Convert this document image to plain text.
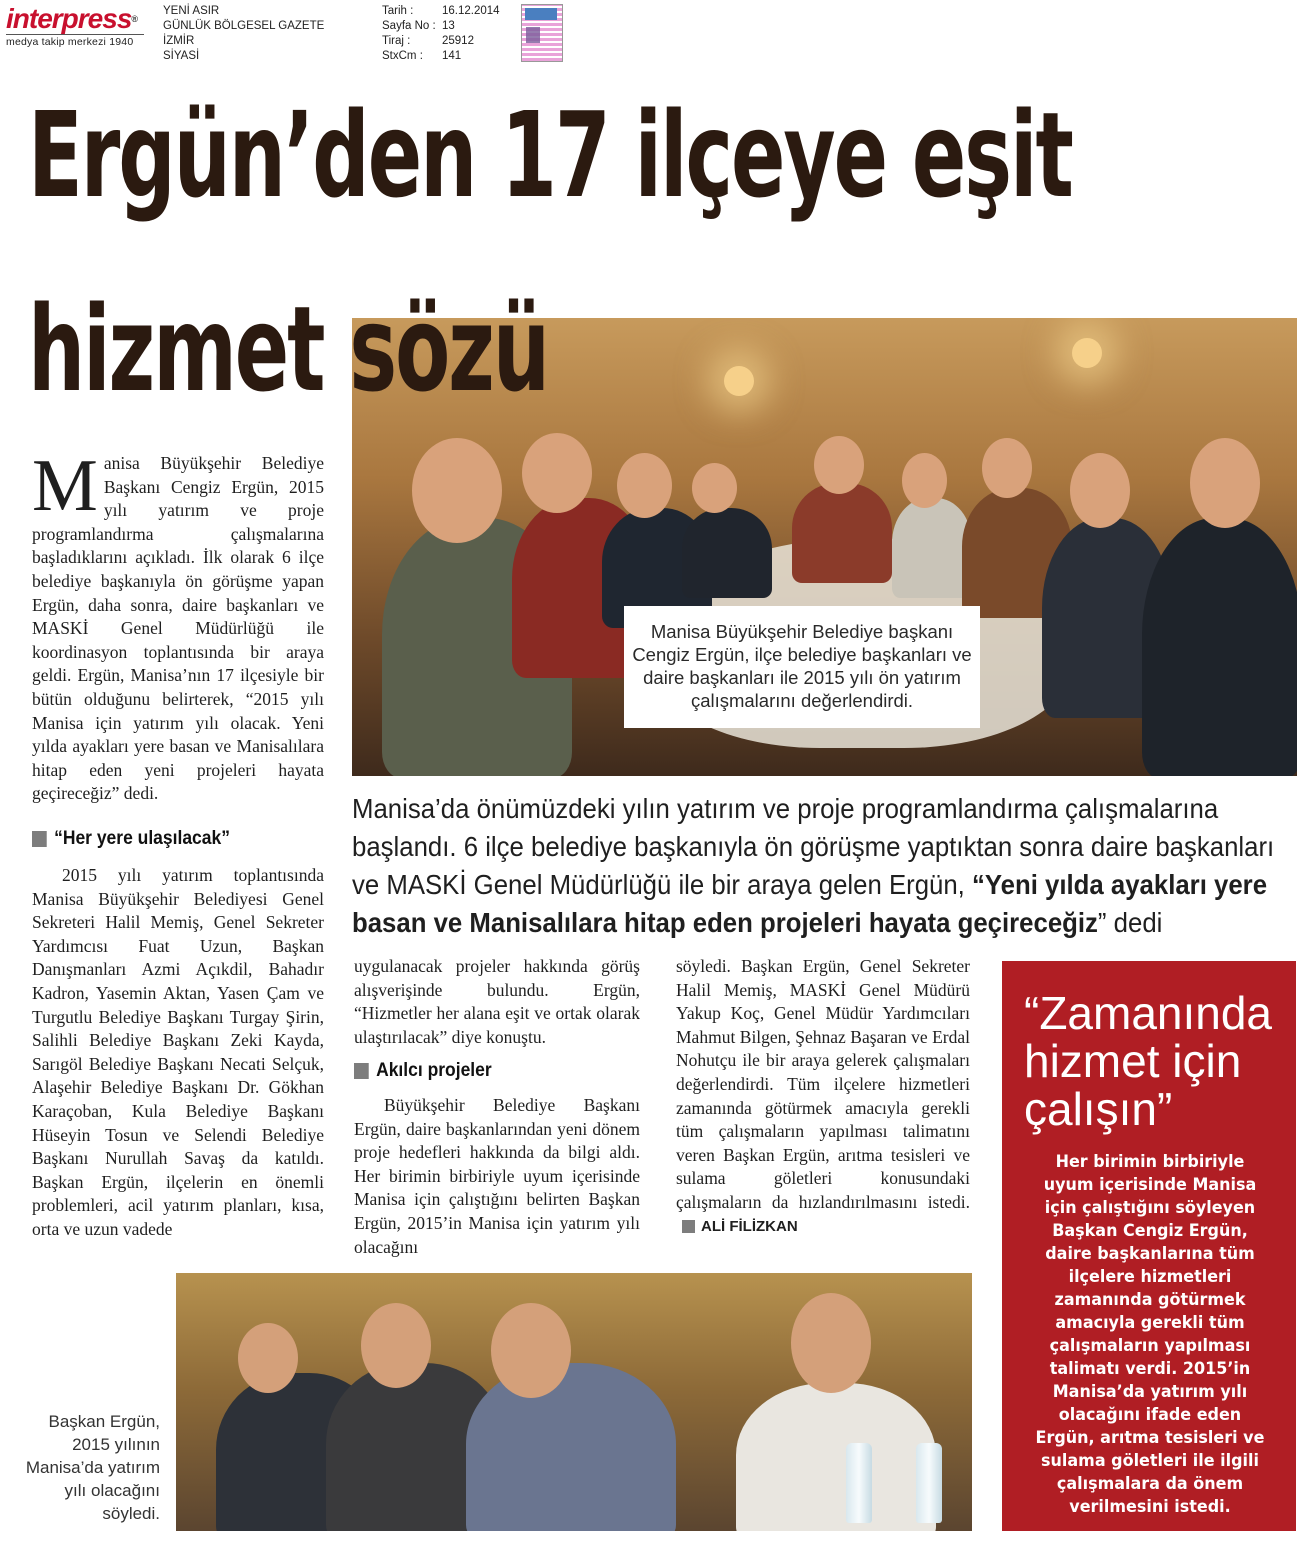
interpress®
medya takip merkezi 1940
YENİ ASIR
GÜNLÜK BÖLGESEL GAZETE
İZMİR
SİYASİ
Tarih :	16.12.2014
Sayfa No : 13
Tiraj :	25912
StxCm :	141
Ergün’den 17 ilçeye eşit
Manisa Büyükşehir Belediye başkanı Cengiz Ergün, ilçe belediye başkanları ve daire başkanları ile 2015 yılı ön yatırım çalışmalarını değerlendirdi.
hizmet sözü
Manisa’da önümüzdeki yılın yatırım ve proje programlandırma çalışmalarına başlandı. 6 ilçe belediye başkanıyla ön görüşme yaptıktan sonra daire başkanları ve MASKİ Genel Müdürlüğü ile bir araya gelen Ergün, “Yeni yılda ayakları yere basan ve Manisalılara hitap eden projeleri hayata geçireceğiz” dedi
M anisa Büyükşehir Belediye Başkanı Cengiz Ergün, 2015 yılı yatırım ve proje programlandırma çalışmalarına başladıklarını açıkladı. İlk olarak 6 ilçe belediye başkanıyla ön görüşme yapan Ergün, daha sonra, daire başkanları ve MASKİ Genel Müdürlüğü ile koordinasyon toplantısında bir araya geldi. Ergün, Manisa’nın 17 ilçesiyle bir bütün olduğunu belirterek, “2015 yılı Manisa için yatırım yılı olacak. Yeni yılda ayakları yere basan ve Manisalılara hitap eden yeni projeleri hayata geçireceğiz” dedi.

“Her yere ulaşılacak”

2015 yılı yatırım toplantısında Manisa Büyükşehir Belediyesi Genel Sekreteri Halil Memiş, Genel Sekreter Yardımcısı Fuat Uzun, Başkan Danışmanları Azmi Açıkdil, Bahadır Kadron, Yasemin Aktan, Yasen Çam ve Turgutlu Belediye Başkanı Turgay Şirin, Salihli Belediye Başkanı Zeki Kayda, Sarıgöl Belediye Başkanı Necati Selçuk, Alaşehir Belediye Başkanı Dr. Gökhan Karaçoban, Kula Belediye Başkanı Hüseyin Tosun ve Selendi Belediye Başkanı Nurullah Savaş da katıldı. Başkan Ergün, ilçelerin en önemli problemleri, acil yatırım planları, kısa, orta ve uzun vadede

uygulanacak projeler hakkında görüş alışverişinde bulundu. Ergün, “Hizmetler her alana eşit ve ortak olarak ulaştırılacak” diye konuştu.

Akılcı projeler

Büyükşehir Belediye Başkanı Ergün, daire başkanlarından yeni dönem proje hedefleri hakkında da bilgi aldı. Her birimin birbiriyle uyum içerisinde Manisa için çalıştığını belirten Başkan Ergün, 2015’in Manisa için yatırım yılı olacağını

söyledi. Başkan Ergün, Genel Sekreter Halil Memiş, MASKİ Genel Müdürü Yakup Koç, Genel Müdür Yardımcıları Mahmut Bilgen, Şehnaz Başaran ve Erdal Nohutçu ile bir araya gelerek çalışmaları değerlendirdi. Tüm ilçelere hizmetleri zamanında götürmek amacıyla gerekli tüm çalışmaların yapılması talimatını veren Başkan Ergün, arıtma tesisleri ve sulama göletleri konusundaki çalışmaların da hızlandırılmasını istedi.
ALİ FİLİZKAN

Başkan Ergün, 2015 yılının Manisa’da yatırım yılı olacağını söyledi.
“Zamanında hizmet için çalışın”
Her birimin birbiriyle uyum içerisinde Manisa için çalıştığını söyleyen Başkan Cengiz Ergün, daire başkanlarına tüm ilçelere hizmetleri zamanında götürmek amacıyla gerekli tüm çalışmaların yapılması talimatı verdi. 2015’in Manisa’da yatırım yılı olacağını ifade eden Ergün, arıtma tesisleri ve sulama göletleri ile ilgili çalışmalara da önem verilmesini istedi.
